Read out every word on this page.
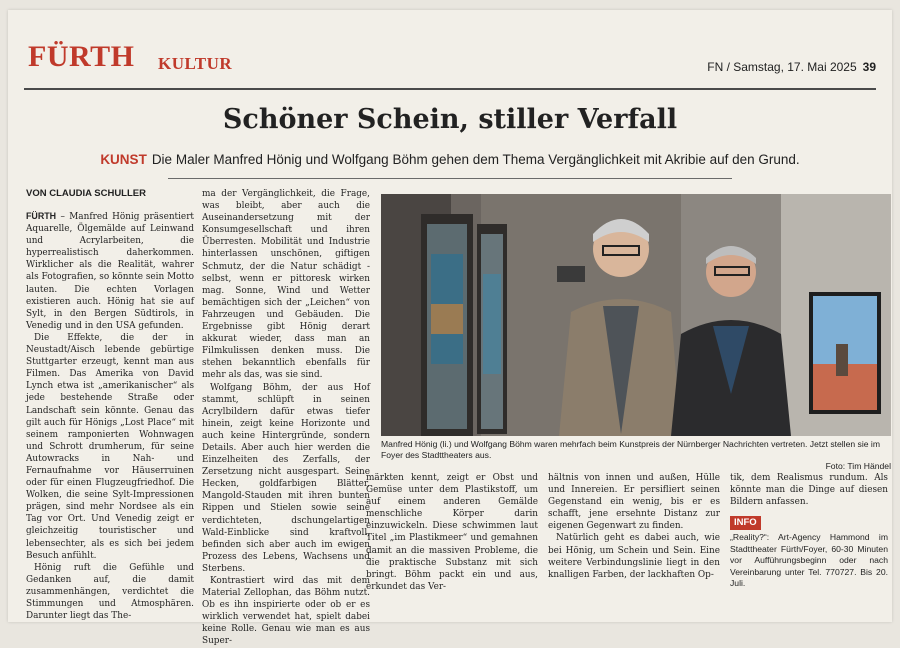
FÜRTH KULTUR	FN / Samstag, 17. Mai 2025 39
Schöner Schein, stiller Verfall
KUNST Die Maler Manfred Hönig und Wolfgang Böhm gehen dem Thema Vergänglichkeit mit Akribie auf den Grund.
VON CLAUDIA SCHULLER

FÜRTH – Manfred Hönig präsentiert Aquarelle, Ölgemälde auf Leinwand und Acrylarbeiten, die hyperrealistisch daherkommen. Wirklicher als die Realität, wahrer als Fotografien, so könnte sein Motto lauten. Die echten Vorlagen existieren auch. Hönig hat sie auf Sylt, in den Bergen Südtirols, in Venedig und in den USA gefunden.

Die Effekte, die der in Neustadt/Aisch lebende gebürtige Stuttgarter erzeugt, kennt man aus Filmen. Das Amerika von David Lynch etwa ist „amerikanischer“ als jede bestehende Straße oder Landschaft sein könnte. Genau das gilt auch für Hönigs „Lost Place“ mit seinem ramponierten Wohnwagen und Schrott drumherum, für seine Autowracks in Nah- und Fernaufnahme vor Häuserruinen oder für einen Flugzeugfriedhof. Die Wolken, die seine Sylt-Impressionen prägen, sind mehr Nordsee als ein Tag vor Ort. Und Venedig zeigt er gleichzeitig touristischer und lebensechter, als es sich bei jedem Besuch anfühlt.

Hönig ruft die Gefühle und Gedanken auf, die damit zusammenhängen, verdichtet die Stimmungen und Atmosphären. Darunter liegt das The-

ma der Vergänglichkeit, die Frage, was bleibt, aber auch die Auseinandersetzung mit der Konsumgesellschaft und ihren Überresten. Mobilität und Industrie hinterlassen unschönen, giftigen Schmutz, der die Natur schädigt - selbst, wenn er pittoresk wirken mag. Sonne, Wind und Wetter bemächtigen sich der „Leichen“ von Fahrzeugen und Gebäuden. Die Ergebnisse gibt Hönig derart akkurat wieder, dass man an Filmkulissen denken muss. Die stehen bekanntlich ebenfalls für mehr als das, was sie sind.

Wolfgang Böhm, der aus Hof stammt, schlüpft in seinen Acrylbildern dafür etwas tiefer hinein, zeigt keine Horizonte und auch keine Hintergründe, sondern Details. Aber auch hier werden die Einzelheiten des Zerfalls, der Zersetzung nicht ausgespart. Seine Hecken, goldfarbigen Blätter, Mangold-Stauden mit ihren bunten Rippen und Stielen sowie seine verdichteten, dschungelartigen Wald-Einblicke sind kraftvoll, befinden sich aber auch im ewigen Prozess des Lebens, Wachsens und Sterbens.

Kontrastiert wird das mit dem Material Zellophan, das Böhm nutzt. Ob es ihn inspirierte oder ob er es wirklich verwendet hat, spielt dabei keine Rolle. Genau wie man es aus Super-

Manfred Hönig (li.) und Wolfgang Böhm waren mehrfach beim Kunstpreis der Nürnberger Nachrichten vertreten. Jetzt stellen sie im Foyer des Stadttheaters aus.
Foto: Tim Händel

märkten kennt, zeigt er Obst und Gemüse unter dem Plastikstoff, um auf einem anderen Gemälde menschliche Körper darin einzuwickeln. Diese schwimmen laut Titel „im Plastikmeer“ und gemahnen damit an die massiven Probleme, die die praktische Substanz mit sich bringt. Böhm packt ein und aus, erkundet das Ver-

hältnis von innen und außen, Hülle und Innereien. Er persifliert seinen Gegenstand ein wenig, bis er es schafft, jene ersehnte Distanz zur eigenen Gegenwart zu finden.

Natürlich geht es dabei auch, wie bei Hönig, um Schein und Sein. Eine weitere Verbindungslinie liegt in den knalligen Farben, der lackhaften Op-

tik, dem Realismus rundum. Als könnte man die Dinge auf diesen Bildern anfassen.

INFO

„Reality?“: Art-Agency Hammond im Stadttheater Fürth/Foyer, 60-30 Minuten vor Aufführungsbeginn oder nach Vereinbarung unter Tel. 770727. Bis 20. Juli.
